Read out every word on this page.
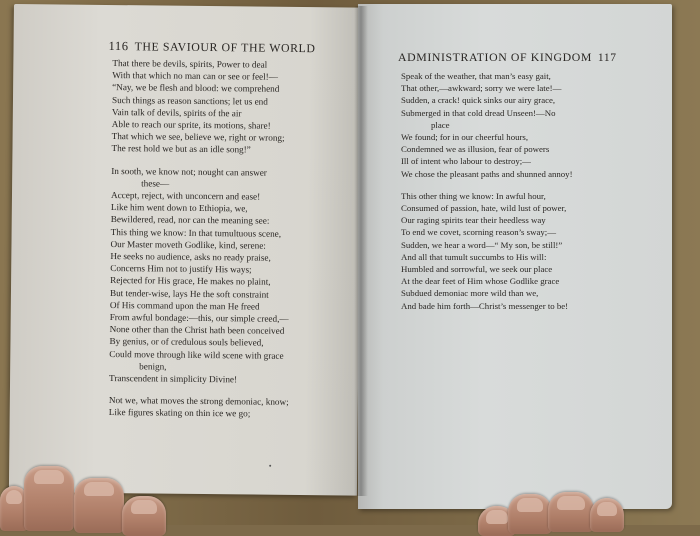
116 THE SAVIOUR OF THE WORLD
That there be devils, spirits, Power to deal
With that which no man can or see or feel!—
“Nay, we be flesh and blood: we comprehend
Such things as reason sanctions; let us end
Vain talk of devils, spirits of the air
Able to reach our sprite, its motions, share!
That which we see, believe we, right or wrong;
The rest hold we but as an idle song!”
In sooth, we know not; nought can answer
these—
Accept, reject, with unconcern and ease!
Like him went down to Ethiopia, we,
Bewildered, read, nor can the meaning see:
This thing we know: In that tumultuous scene,
Our Master moveth Godlike, kind, serene:
He seeks no audience, asks no ready praise,
Concerns Him not to justify His ways;
Rejected for His grace, He makes no plaint,
But tender-wise, lays He the soft constraint
Of His command upon the man He freed
From awful bondage:—this, our simple creed,—
None other than the Christ hath been conceived
By genius, or of credulous souls believed,
Could move through like wild scene with grace
benign,
Transcendent in simplicity Divine!
Not we, what moves the strong demoniac, know;
Like figures skating on thin ice we go;
ADMINISTRATION OF KINGDOM 117
Speak of the weather, that man’s easy gait,
That other,—awkward; sorry we were late!—
Sudden, a crack! quick sinks our airy grace,
Submerged in that cold dread Unseen!—No
place
We found; for in our cheerful hours,
Condemned we as illusion, fear of powers
Ill of intent who labour to destroy;—
We chose the pleasant paths and shunned annoy!
This other thing we know: In awful hour,
Consumed of passion, hate, wild lust of power,
Our raging spirits tear their heedless way
To end we covet, scorning reason’s sway;—
Sudden, we hear a word—“ My son, be still!”
And all that tumult succumbs to His will:
Humbled and sorrowful, we seek our place
At the dear feet of Him whose Godlike grace
Subdued demoniac more wild than we,
And bade him forth—Christ’s messenger to be!
